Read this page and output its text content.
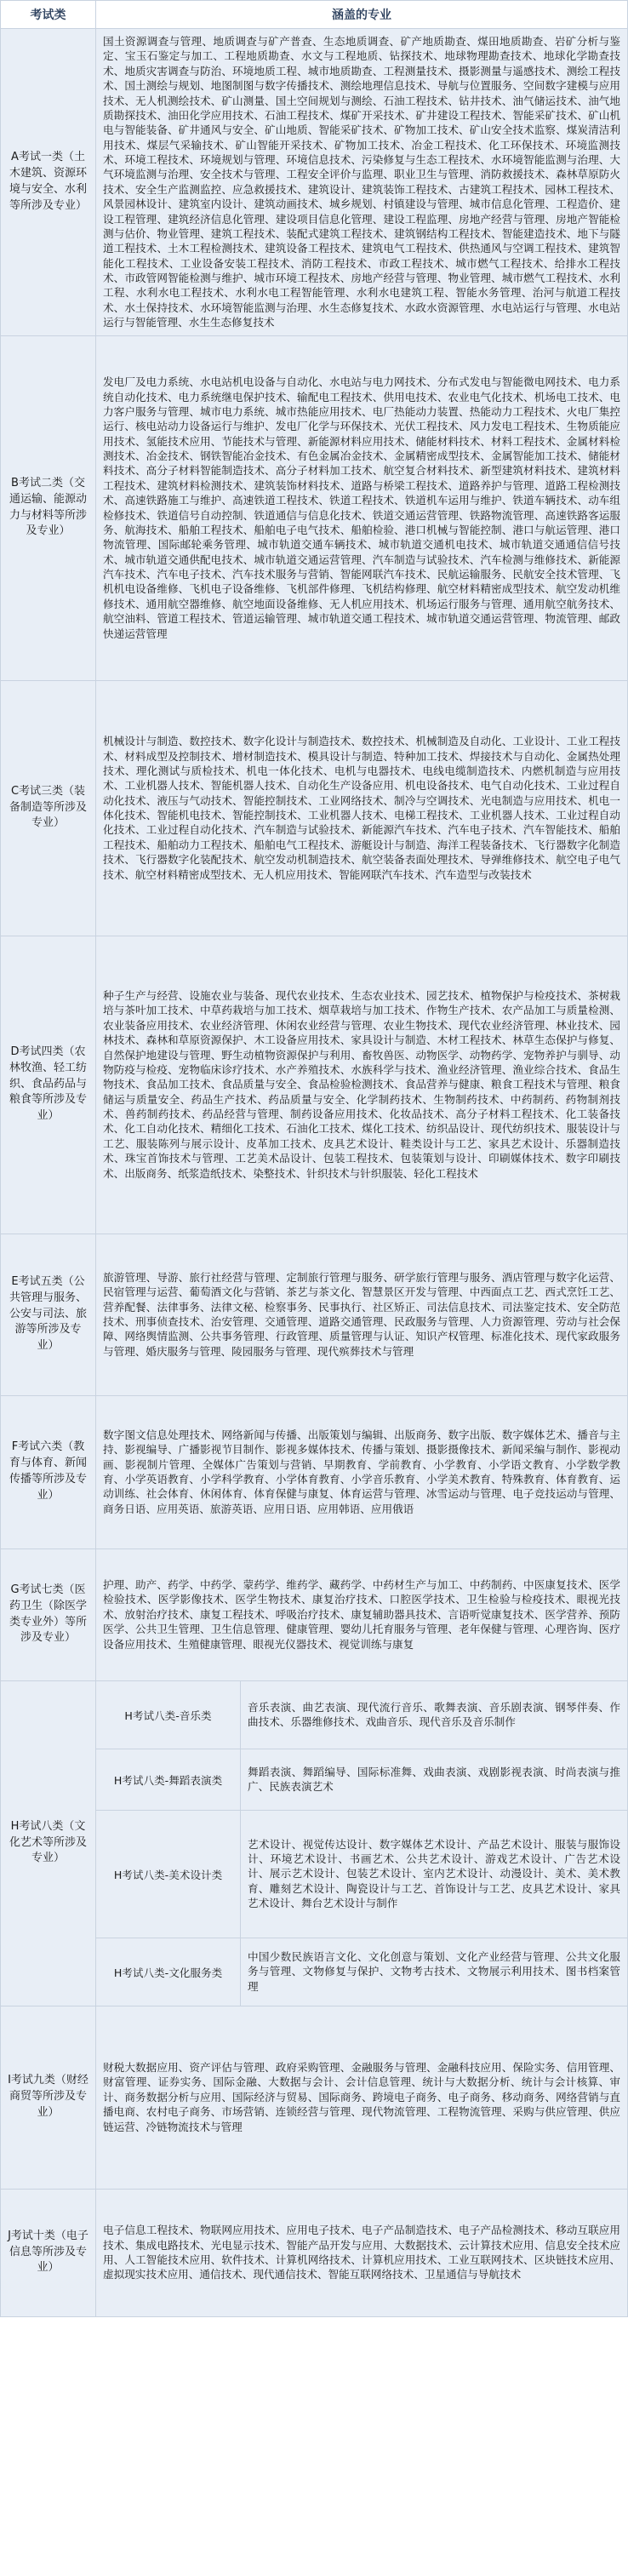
考试类	涵盖的专业	
A考试一类（土木建筑、资源环境与安全、水利等所涉及专业）	国土资源调查与管理、地质调查与矿产普查、生态地质调查、矿产地质勘查、煤田地质勘查、岩矿分析与鉴定、宝玉石鉴定与加工、工程地质勘查、水文与工程地质、钻探技术、地球物理勘查技术、地球化学勘查技术、地质灾害调查与防治、环境地质工程、城市地质勘查、工程测量技术、摄影测量与遥感技术、测绘工程技术、国土测绘与规划、地图制图与数字传播技术、测绘地理信息技术、导航与位置服务、空间数字建模与应用技术、无人机测绘技术、矿山测量、国土空间规划与测绘、石油工程技术、钻井技术、油气储运技术、油气地质勘探技术、油田化学应用技术、石油工程技术、煤矿开采技术、矿井建设工程技术、智能采矿技术、矿山机电与智能装备、矿井通风与安全、矿山地质、智能采矿技术、矿物加工技术、矿山安全技术监察、煤炭清洁利用技术、煤层气采输技术、矿山智能开采技术、矿物加工技术、冶金工程技术、化工环保技术、环境监测技术、环境工程技术、环境规划与管理、环境信息技术、污染修复与生态工程技术、水环境智能监测与治理、大气环境监测与治理、安全技术与管理、工程安全评价与监理、职业卫生与管理、消防救援技术、森林草原防火技术、安全生产监测监控、应急救援技术、建筑设计、建筑装饰工程技术、古建筑工程技术、园林工程技术、风景园林设计、建筑室内设计、建筑动画技术、城乡规划、村镇建设与管理、城市信息化管理、工程造价、建设工程管理、建筑经济信息化管理、建设项目信息化管理、建设工程监理、房地产经营与管理、房地产智能检测与估价、物业管理、建筑工程技术、装配式建筑工程技术、建筑钢结构工程技术、智能建造技术、地下与隧道工程技术、土木工程检测技术、建筑设备工程技术、建筑电气工程技术、供热通风与空调工程技术、建筑智能化工程技术、工业设备安装工程技术、消防工程技术、市政工程技术、城市燃气工程技术、给排水工程技术、市政管网智能检测与维护、城市环境工程技术、房地产经营与管理、物业管理、城市燃气工程技术、水利工程、水利水电工程技术、水利水电工程智能管理、水利水电建筑工程、智能水务管理、治河与航道工程技术、水土保持技术、水环境智能监测与治理、水生态修复技术、水政水资源管理、水电站运行与管理、水电站运行与智能管理、水生生态修复技术	
B考试二类（交通运输、能源动力与材料等所涉及专业）	发电厂及电力系统、水电站机电设备与自动化、水电站与电力网技术、分布式发电与智能微电网技术、电力系统自动化技术、电力系统继电保护技术、输配电工程技术、供用电技术、农业电气化技术、机场电工技术、电力客户服务与管理、城市电力系统、城市热能应用技术、电厂热能动力装置、热能动力工程技术、火电厂集控运行、核电站动力设备运行与维护、发电厂化学与环保技术、光伏工程技术、风力发电工程技术、生物质能应用技术、氢能技术应用、节能技术与管理、新能源材料应用技术、储能材料技术、材料工程技术、金属材料检测技术、冶金技术、钢铁智能冶金技术、有色金属冶金技术、金属精密成型技术、金属智能加工技术、储能材料技术、高分子材料智能制造技术、高分子材料加工技术、航空复合材料技术、新型建筑材料技术、建筑材料工程技术、建筑材料检测技术、建筑装饰材料技术、道路与桥梁工程技术、道路养护与管理、道路工程检测技术、高速铁路施工与维护、高速铁道工程技术、铁道工程技术、铁道机车运用与维护、铁道车辆技术、动车组检修技术、铁道信号自动控制、铁道通信与信息化技术、铁道交通运营管理、铁路物流管理、高速铁路客运服务、航海技术、船舶工程技术、船舶电子电气技术、船舶检验、港口机械与智能控制、港口与航运管理、港口物流管理、国际邮轮乘务管理、城市轨道交通车辆技术、城市轨道交通机电技术、城市轨道交通通信信号技术、城市轨道交通供配电技术、城市轨道交通运营管理、汽车制造与试验技术、汽车检测与维修技术、新能源汽车技术、汽车电子技术、汽车技术服务与营销、智能网联汽车技术、民航运输服务、民航安全技术管理、飞机机电设备维修、飞机电子设备维修、飞机部件修理、飞机结构修理、航空材料精密成型技术、航空发动机维修技术、通用航空器维修、航空地面设备维修、无人机应用技术、机场运行服务与管理、通用航空航务技术、航空油料、管道工程技术、管道运输管理、城市轨道交通工程技术、城市轨道交通运营管理、物流管理、邮政快递运营管理	
C考试三类（装备制造等所涉及专业）	机械设计与制造、数控技术、数字化设计与制造技术、数控技术、机械制造及自动化、工业设计、工业工程技术、材料成型及控制技术、增材制造技术、模具设计与制造、特种加工技术、焊接技术与自动化、金属热处理技术、理化测试与质检技术、机电一体化技术、电机与电器技术、电线电缆制造技术、内燃机制造与应用技术、工业机器人技术、智能机器人技术、自动化生产设备应用、机电设备技术、电气自动化技术、工业过程自动化技术、液压与气动技术、智能控制技术、工业网络技术、制冷与空调技术、光电制造与应用技术、机电一体化技术、智能机电技术、智能控制技术、工业机器人技术、电梯工程技术、工业机器人技术、工业过程自动化技术、工业过程自动化技术、汽车制造与试验技术、新能源汽车技术、汽车电子技术、汽车智能技术、船舶工程技术、船舶动力工程技术、船舶电气工程技术、游艇设计与制造、海洋工程装备技术、飞行器数字化制造技术、飞行器数字化装配技术、航空发动机制造技术、航空装备表面处理技术、导弹维修技术、航空电子电气技术、航空材料精密成型技术、无人机应用技术、智能网联汽车技术、汽车造型与改装技术	
D考试四类（农林牧渔、轻工纺织、食品药品与粮食等所涉及专业）	种子生产与经营、设施农业与装备、现代农业技术、生态农业技术、园艺技术、植物保护与检疫技术、茶树栽培与茶叶加工技术、中草药栽培与加工技术、烟草栽培与加工技术、作物生产技术、农产品加工与质量检测、农业装备应用技术、农业经济管理、休闲农业经营与管理、农业生物技术、现代农业经济管理、林业技术、园林技术、森林和草原资源保护、木工设备应用技术、家具设计与制造、木材工程技术、林草生态保护与修复、自然保护地建设与管理、野生动植物资源保护与利用、畜牧兽医、动物医学、动物药学、宠物养护与驯导、动物防疫与检疫、宠物临床诊疗技术、水产养殖技术、水族科学与技术、渔业经济管理、渔业综合技术、食品生物技术、食品加工技术、食品质量与安全、食品检验检测技术、食品营养与健康、粮食工程技术与管理、粮食储运与质量安全、药品生产技术、药品质量与安全、化学制药技术、生物制药技术、中药制药、药物制剂技术、兽药制药技术、药品经营与管理、制药设备应用技术、化妆品技术、高分子材料工程技术、化工装备技术、化工自动化技术、精细化工技术、石油化工技术、煤化工技术、纺织品设计、现代纺织技术、服装设计与工艺、服装陈列与展示设计、皮革加工技术、皮具艺术设计、鞋类设计与工艺、家具艺术设计、乐器制造技术、珠宝首饰技术与管理、工艺美术品设计、包装工程技术、包装策划与设计、印刷媒体技术、数字印刷技术、出版商务、纸浆造纸技术、染整技术、针织技术与针织服装、轻化工程技术	
E考试五类（公共管理与服务、公安与司法、旅游等所涉及专业）	旅游管理、导游、旅行社经营与管理、定制旅行管理与服务、研学旅行管理与服务、酒店管理与数字化运营、民宿管理与运营、葡萄酒文化与营销、茶艺与茶文化、智慧景区开发与管理、中西面点工艺、西式烹饪工艺、营养配餐、法律事务、法律文秘、检察事务、民事执行、社区矫正、司法信息技术、司法鉴定技术、安全防范技术、刑事侦查技术、治安管理、交通管理、道路交通管理、民政服务与管理、人力资源管理、劳动与社会保障、网络舆情监测、公共事务管理、行政管理、质量管理与认证、知识产权管理、标准化技术、现代家政服务与管理、婚庆服务与管理、陵园服务与管理、现代殡葬技术与管理	
F考试六类（教育与体育、新闻传播等所涉及专业）	数字图文信息处理技术、网络新闻与传播、出版策划与编辑、出版商务、数字出版、数字媒体艺术、播音与主持、影视编导、广播影视节目制作、影视多媒体技术、传播与策划、摄影摄像技术、新闻采编与制作、影视动画、影视制片管理、全媒体广告策划与营销、早期教育、学前教育、小学教育、小学语文教育、小学数学教育、小学英语教育、小学科学教育、小学体育教育、小学音乐教育、小学美术教育、特殊教育、体育教育、运动训练、社会体育、休闲体育、体育保健与康复、体育运营与管理、冰雪运动与管理、电子竞技运动与管理、商务日语、应用英语、旅游英语、应用日语、应用韩语、应用俄语	
G考试七类（医药卫生（除医学类专业外）等所涉及专业）	护理、助产、药学、中药学、蒙药学、维药学、藏药学、中药材生产与加工、中药制药、中医康复技术、医学检验技术、医学影像技术、医学生物技术、康复治疗技术、口腔医学技术、卫生检验与检疫技术、眼视光技术、放射治疗技术、康复工程技术、呼吸治疗技术、康复辅助器具技术、言语听觉康复技术、医学营养、预防医学、公共卫生管理、卫生信息管理、健康管理、婴幼儿托育服务与管理、老年保健与管理、心理咨询、医疗设备应用技术、生殖健康管理、眼视光仪器技术、视觉训练与康复	
H考试八类（文化艺术等所涉及专业）	H考试八类-音乐类	音乐表演、曲艺表演、现代流行音乐、歌舞表演、音乐剧表演、钢琴伴奏、作曲技术、乐器维修技术、戏曲音乐、现代音乐及音乐制作
	H考试八类-舞蹈表演类	舞蹈表演、舞蹈编导、国际标准舞、戏曲表演、戏剧影视表演、时尚表演与推广、民族表演艺术
	H考试八类-美术设计类	艺术设计、视觉传达设计、数字媒体艺术设计、产品艺术设计、服装与服饰设计、环境艺术设计、书画艺术、公共艺术设计、游戏艺术设计、广告艺术设计、展示艺术设计、包装艺术设计、室内艺术设计、动漫设计、美术、美术教育、雕刻艺术设计、陶瓷设计与工艺、首饰设计与工艺、皮具艺术设计、家具艺术设计、舞台艺术设计与制作
	H考试八类-文化服务类	中国少数民族语言文化、文化创意与策划、文化产业经营与管理、公共文化服务与管理、文物修复与保护、文物考古技术、文物展示利用技术、图书档案管理
I考试九类（财经商贸等所涉及专业）	财税大数据应用、资产评估与管理、政府采购管理、金融服务与管理、金融科技应用、保险实务、信用管理、财富管理、证券实务、国际金融、大数据与会计、会计信息管理、统计与大数据分析、统计与会计核算、审计、商务数据分析与应用、国际经济与贸易、国际商务、跨境电子商务、电子商务、移动商务、网络营销与直播电商、农村电子商务、市场营销、连锁经营与管理、现代物流管理、工程物流管理、采购与供应管理、供应链运营、冷链物流技术与管理	
J考试十类（电子信息等所涉及专业）	电子信息工程技术、物联网应用技术、应用电子技术、电子产品制造技术、电子产品检测技术、移动互联应用技术、集成电路技术、光电显示技术、智能产品开发与应用、大数据技术、云计算技术应用、信息安全技术应用、人工智能技术应用、软件技术、计算机网络技术、计算机应用技术、工业互联网技术、区块链技术应用、虚拟现实技术应用、通信技术、现代通信技术、智能互联网络技术、卫星通信与导航技术	
